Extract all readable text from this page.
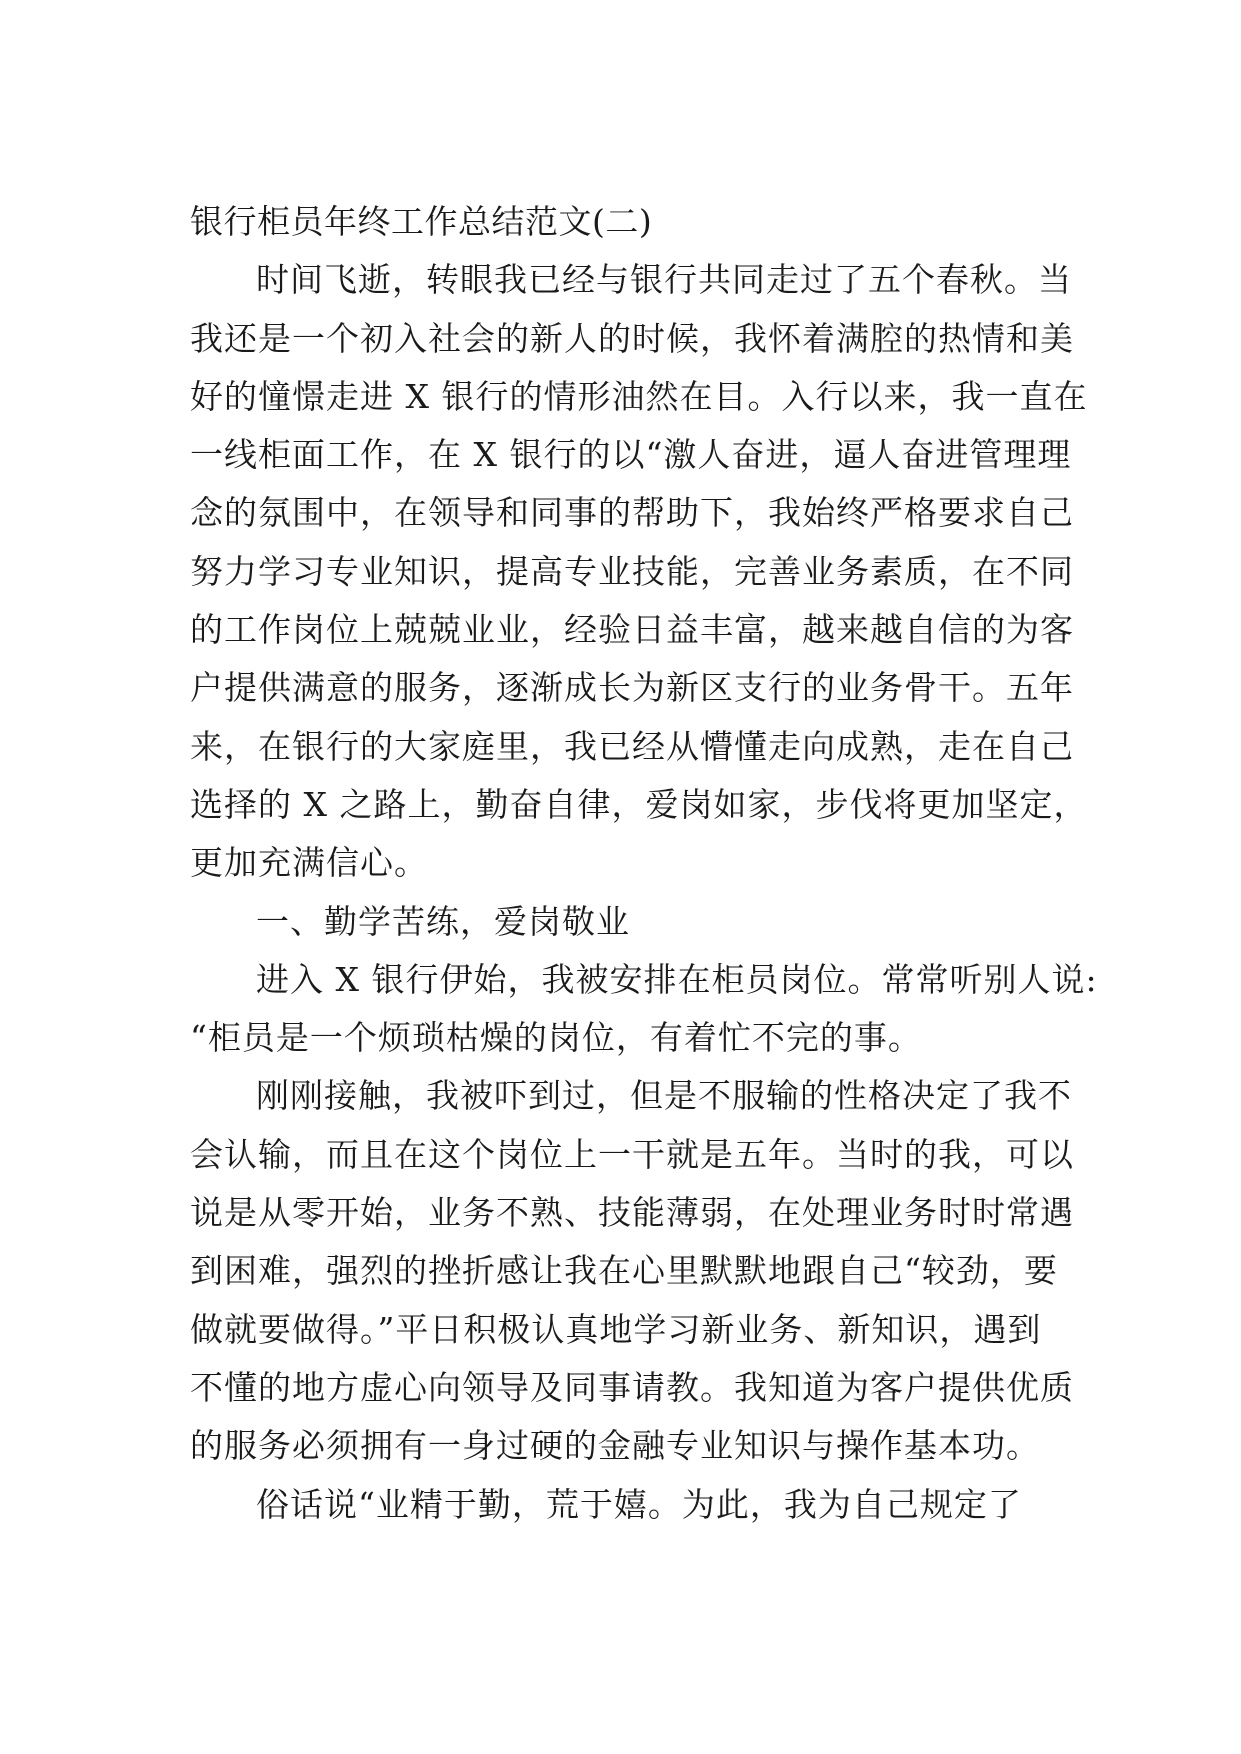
银行柜员年终工作总结范文(二)
时间飞逝，转眼我已经与银行共同走过了五个春秋。当
我还是一个初入社会的新人的时候，我怀着满腔的热情和美
好的憧憬走进 X 银行的情形油然在目。入行以来，我一直在
一线柜面工作，在 X 银行的以“激人奋进，逼人奋进管理理
念的氛围中，在领导和同事的帮助下，我始终严格要求自己
努力学习专业知识，提高专业技能，完善业务素质，在不同
的工作岗位上兢兢业业，经验日益丰富，越来越自信的为客
户提供满意的服务，逐渐成长为新区支行的业务骨干。五年
来，在银行的大家庭里，我已经从懵懂走向成熟，走在自己
选择的 X 之路上，勤奋自律，爱岗如家，步伐将更加坚定，
更加充满信心。
一、勤学苦练，爱岗敬业
进入 X 银行伊始，我被安排在柜员岗位。常常听别人说:
“柜员是一个烦琐枯燥的岗位，有着忙不完的事。
刚刚接触，我被吓到过，但是不服输的性格决定了我不
会认输，而且在这个岗位上一干就是五年。当时的我，可以
说是从零开始，业务不熟、技能薄弱，在处理业务时时常遇
到困难，强烈的挫折感让我在心里默默地跟自己“较劲，要
做就要做得。”平日积极认真地学习新业务、新知识，遇到
不懂的地方虚心向领导及同事请教。我知道为客户提供优质
的服务必须拥有一身过硬的金融专业知识与操作基本功。
俗话说“业精于勤，荒于嬉。为此，我为自己规定了
